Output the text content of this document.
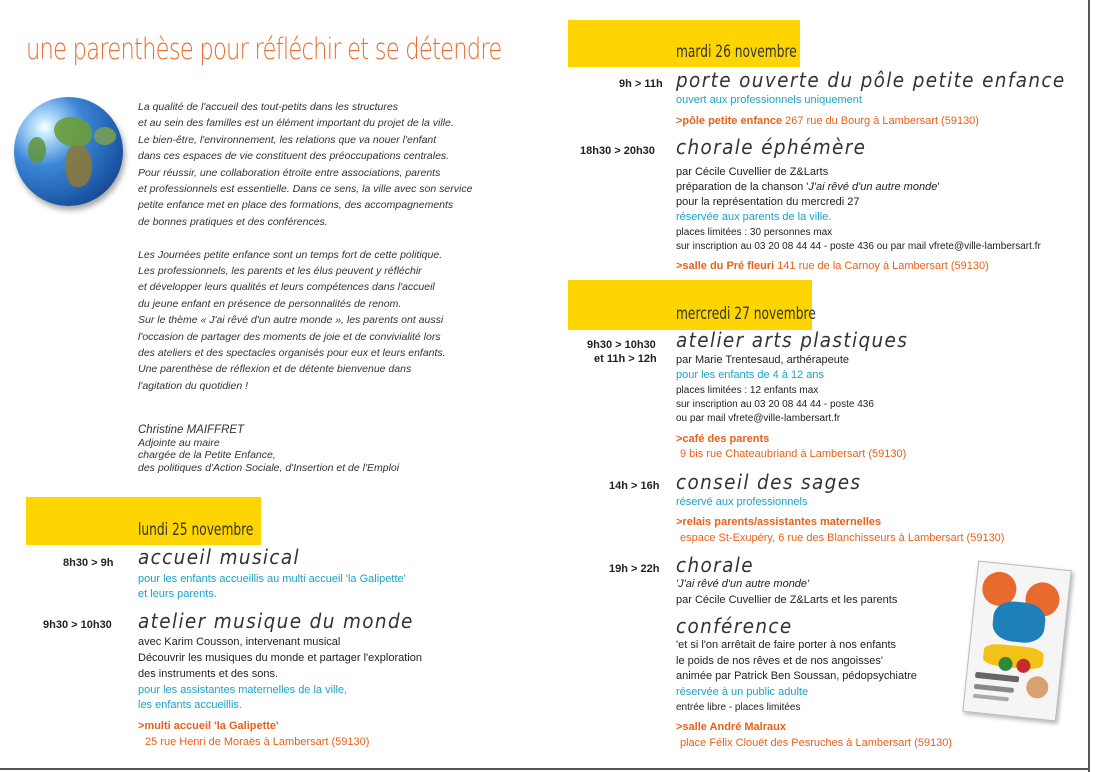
une parenthèse pour réfléchir et se détendre

La qualité de l'accueil des tout-petits dans les structures

et au sein des familles est un élément important du projet de la ville.

Le bien-être, l'environnement, les relations que va nouer l'enfant

dans ces espaces de vie constituent des préoccupations centrales.

Pour réussir, une collaboration étroite entre associations, parents

et professionnels est essentielle. Dans ce sens, la ville avec son service

petite enfance met en place des formations, des accompagnements

de bonnes pratiques et des conférences.

Les Journées petite enfance sont un temps fort de cette politique.

Les professionnels, les parents et les élus peuvent y réfléchir

et développer leurs qualités et leurs compétences dans l'accueil

du jeune enfant en présence de personnalités de renom.

Sur le thème « J'ai rêvé d'un autre monde », les parents ont aussi

l'occasion de partager des moments de joie et de convivialité lors

des ateliers et des spectacles organisés pour eux et leurs enfants.

Une parenthèse de réflexion et de détente bienvenue dans

l'agitation du quotidien !

Christine MAIFFRET
Adjointe au maire
chargée de la Petite Enfance,
des politiques d'Action Sociale, d'Insertion et de l'Emploi
lundi 25 novembre
8h30 > 9h accueil musical
pour les enfants accueillis au multi accueil 'la Galipette'
et leurs parents.
9h30 > 10h30 atelier musique du monde
avec Karim Cousson, intervenant musical
Découvrir les musiques du monde et partager l'exploration
des instruments et des sons.
pour les assistantes maternelles de la ville,
les enfants accueillis.
>multi accueil 'la Galipette'
25 rue Henri de Moraës à Lambersart (59130)
mardi 26 novembre
9h > 11h porte ouverte du pôle petite enfance
ouvert aux professionnels uniquement
>pôle petite enfance 267 rue du Bourg à Lambersart (59130)
18h30 > 20h30 chorale éphémère
par Cécile Cuvellier de Z&Larts
préparation de la chanson 'J'ai rêvé d'un autre monde'
pour la représentation du mercredi 27
réservée aux parents de la ville.
places limitées : 30 personnes max
sur inscription au 03 20 08 44 44 - poste 436 ou par mail vfrete@ville-lambersart.fr
>salle du Pré fleuri 141 rue de la Carnoy à Lambersart (59130)
mercredi 27 novembre
9h30 > 10h30
et 11h > 12h
atelier arts plastiques
par Marie Trentesaud, arthérapeute
pour les enfants de 4 à 12 ans
places limitées : 12 enfants max
sur inscription au 03 20 08 44 44 - poste 436
ou par mail vfrete@ville-lambersart.fr
>café des parents
9 bis rue Chateaubriand à Lambersart (59130)
14h > 16h conseil des sages
réservé aux professionnels
>relais parents/assistantes maternelles
espace St-Exupéry, 6 rue des Blanchisseurs à Lambersart (59130)
19h > 22h chorale
'J'ai rêvé d'un autre monde'
par Cécile Cuvellier de Z&Larts et les parents
conférence
'et si l'on arrêtait de faire porter à nos enfants
le poids de nos rêves et de nos angoisses'
animée par Patrick Ben Soussan, pédopsychiatre
réservée à un public adulte
entrée libre - places limitées
>salle André Malraux
place Félix Clouët des Pesruches à Lambersart (59130)
